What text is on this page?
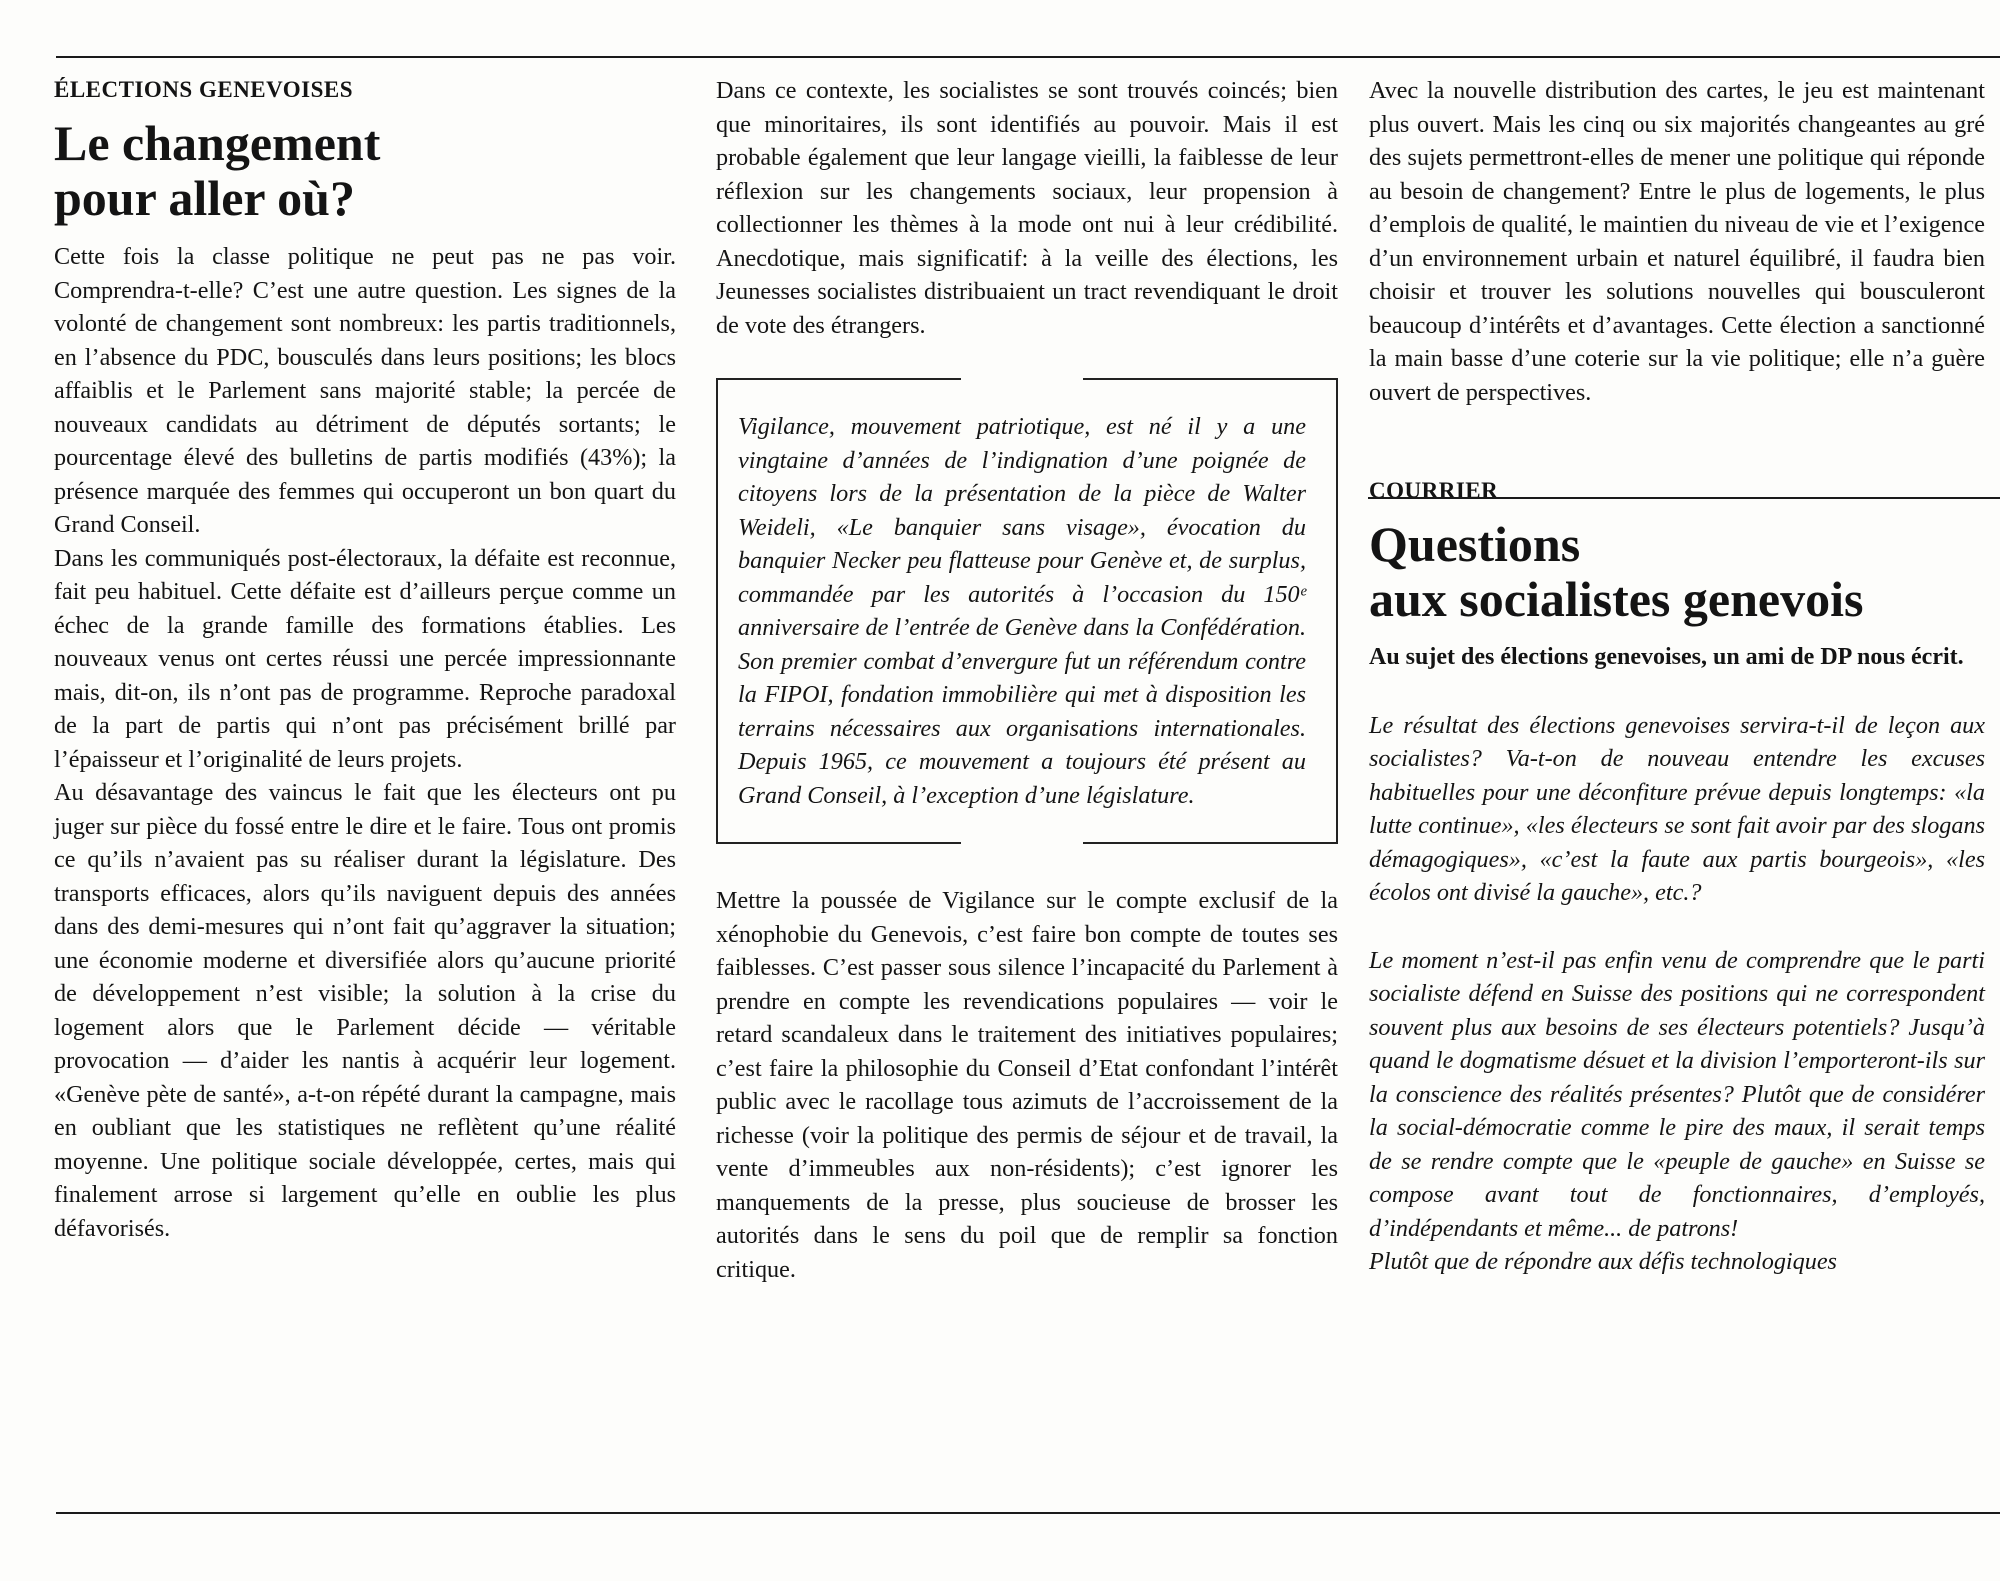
ÉLECTIONS GENEVOISES

Le changement
pour aller où?

Cette fois la classe politique ne peut pas ne pas voir. Comprendra-t-elle? C’est une autre question. Les signes de la volonté de changement sont nombreux: les partis traditionnels, en l’absence du PDC, bousculés dans leurs positions; les blocs affaiblis et le Parlement sans majorité stable; la percée de nouveaux candidats au détriment de députés sortants; le pourcentage élevé des bulletins de partis modifiés (43%); la présence marquée des femmes qui occuperont un bon quart du Grand Conseil.

Dans les communiqués post-électoraux, la défaite est reconnue, fait peu habituel. Cette défaite est d’ailleurs perçue comme un échec de la grande famille des formations établies. Les nouveaux venus ont certes réussi une percée impressionnante mais, dit-on, ils n’ont pas de programme. Reproche paradoxal de la part de partis qui n’ont pas précisément brillé par l’épaisseur et l’originalité de leurs projets.

Au désavantage des vaincus le fait que les électeurs ont pu juger sur pièce du fossé entre le dire et le faire. Tous ont promis ce qu’ils n’avaient pas su réaliser durant la législature. Des transports efficaces, alors qu’ils naviguent depuis des années dans des demi-mesures qui n’ont fait qu’aggraver la situation; une économie moderne et diversifiée alors qu’aucune priorité de développement n’est visible; la solution à la crise du logement alors que le Parlement décide — véritable provocation — d’aider les nantis à acquérir leur logement. «Genève pète de santé», a-t-on répété durant la campagne, mais en oubliant que les statistiques ne reflètent qu’une réalité moyenne. Une politique sociale développée, certes, mais qui finalement arrose si largement qu’elle en oublie les plus défavorisés.

Dans ce contexte, les socialistes se sont trouvés coincés; bien que minoritaires, ils sont identifiés au pouvoir. Mais il est probable également que leur langage vieilli, la faiblesse de leur réflexion sur les changements sociaux, leur propension à collectionner les thèmes à la mode ont nui à leur crédibilité. Anecdotique, mais significatif: à la veille des élections, les Jeunesses socialistes distribuaient un tract revendiquant le droit de vote des étrangers.

Vigilance, mouvement patriotique, est né il y a une vingtaine d’années de l’indignation d’une poignée de citoyens lors de la présentation de la pièce de Walter Weideli, «Le banquier sans visage», évocation du banquier Necker peu flatteuse pour Genève et, de surplus, commandée par les autorités à l’occasion du 150ᵉ anniversaire de l’entrée de Genève dans la Confédération. Son premier combat d’envergure fut un référendum contre la FIPOI, fondation immobilière qui met à disposition les terrains nécessaires aux organisations internationales. Depuis 1965, ce mouvement a toujours été présent au Grand Conseil, à l’exception d’une législature.

Mettre la poussée de Vigilance sur le compte exclusif de la xénophobie du Genevois, c’est faire bon compte de toutes ses faiblesses. C’est passer sous silence l’incapacité du Parlement à prendre en compte les revendications populaires — voir le retard scandaleux dans le traitement des initiatives populaires; c’est faire la philosophie du Conseil d’Etat confondant l’intérêt public avec le racollage tous azimuts de l’accroissement de la richesse (voir la politique des permis de séjour et de travail, la vente d’immeubles aux non-résidents); c’est ignorer les manquements de la presse, plus soucieuse de brosser les autorités dans le sens du poil que de remplir sa fonction critique.

Avec la nouvelle distribution des cartes, le jeu est maintenant plus ouvert. Mais les cinq ou six majorités changeantes au gré des sujets permettront-elles de mener une politique qui réponde au besoin de changement? Entre le plus de logements, le plus d’emplois de qualité, le maintien du niveau de vie et l’exigence d’un environnement urbain et naturel équilibré, il faudra bien choisir et trouver les solutions nouvelles qui bousculeront beaucoup d’intérêts et d’avantages. Cette élection a sanctionné la main basse d’une coterie sur la vie politique; elle n’a guère ouvert de perspectives.

COURRIER

Questions
aux socialistes genevois

Au sujet des élections genevoises, un ami de DP nous écrit.

Le résultat des élections genevoises servira-t-il de leçon aux socialistes? Va-t-on de nouveau entendre les excuses habituelles pour une déconfiture prévue depuis longtemps: «la lutte continue», «les électeurs se sont fait avoir par des slogans démagogiques», «c’est la faute aux partis bourgeois», «les écolos ont divisé la gauche», etc.?

Le moment n’est-il pas enfin venu de comprendre que le parti socialiste défend en Suisse des positions qui ne correspondent souvent plus aux besoins de ses électeurs potentiels? Jusqu’à quand le dogmatisme désuet et la division l’emporteront-ils sur la conscience des réalités présentes? Plutôt que de considérer la social-démocratie comme le pire des maux, il serait temps de se rendre compte que le «peuple de gauche» en Suisse se compose avant tout de fonctionnaires, d’employés, d’indépendants et même... de patrons!

Plutôt que de répondre aux défis technologiques
